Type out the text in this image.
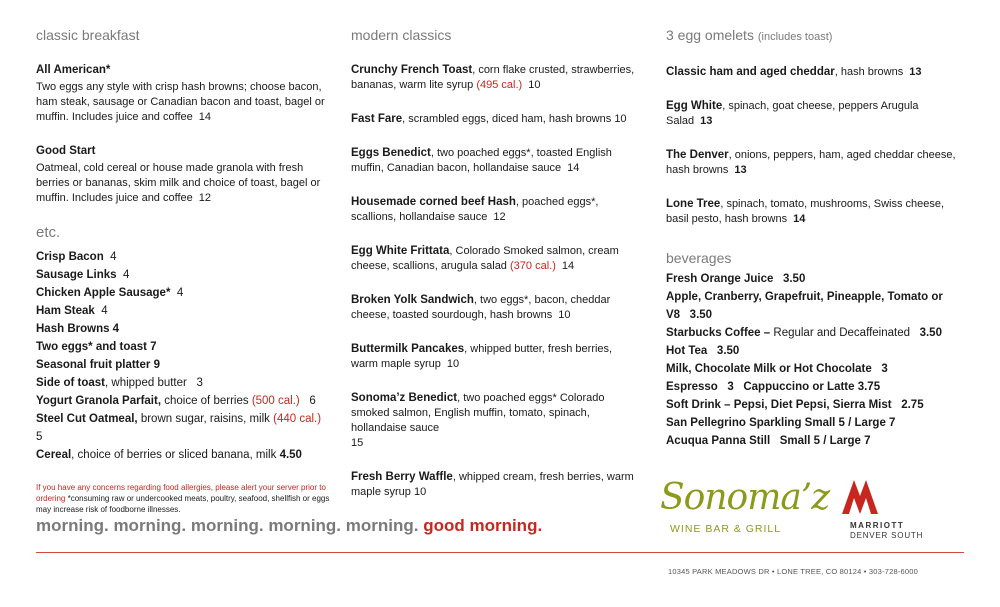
classic breakfast
All American*
Two eggs any style with crisp hash browns; choose bacon, ham steak, sausage or Canadian bacon and toast, bagel or muffin. Includes juice and coffee 14
Good Start
Oatmeal, cold cereal or house made granola with fresh berries or bananas, skim milk and choice of toast, bagel or muffin. Includes juice and coffee 12
etc.
Crisp Bacon 4
Sausage Links 4
Chicken Apple Sausage* 4
Ham Steak 4
Hash Browns 4
Two eggs* and toast 7
Seasonal fruit platter 9
Side of toast, whipped butter 3
Yogurt Granola Parfait, choice of berries (500 cal.) 6
Steel Cut Oatmeal, brown sugar, raisins, milk (440 cal.) 5
Cereal, choice of berries or sliced banana, milk 4.50
If you have any concerns regarding food allergies, please alert your server prior to ordering *consuming raw or undercooked meats, poultry, seafood, shellfish or eggs may increase risk of foodborne illnesses.
modern classics
Crunchy French Toast, corn flake crusted, strawberries, bananas, warm lite syrup (495 cal.) 10
Fast Fare, scrambled eggs, diced ham, hash browns 10
Eggs Benedict, two poached eggs*, toasted English muffin, Canadian bacon, hollandaise sauce 14
Housemade corned beef Hash, poached eggs*, scallions, hollandaise sauce 12
Egg White Frittata, Colorado Smoked salmon, cream cheese, scallions, arugula salad (370 cal.) 14
Broken Yolk Sandwich, two eggs*, bacon, cheddar cheese, toasted sourdough, hash browns 10
Buttermilk Pancakes, whipped butter, fresh berries, warm maple syrup 10
Sonoma’z Benedict, two poached eggs* Colorado smoked salmon, English muffin, tomato, spinach, hollandaise sauce
15
Fresh Berry Waffle, whipped cream, fresh berries, warm maple syrup 10
3 egg omelets (includes toast)
Classic ham and aged cheddar, hash browns 13
Egg White, spinach, goat cheese, peppers Arugula Salad 13
The Denver, onions, peppers, ham, aged cheddar cheese, hash browns 13
Lone Tree, spinach, tomato, mushrooms, Swiss cheese, basil pesto, hash browns 14
beverages
Fresh Orange Juice 3.50
Apple, Cranberry, Grapefruit, Pineapple, Tomato or V8 3.50
Starbucks Coffee – Regular and Decaffeinated 3.50
Hot Tea 3.50
Milk, Chocolate Milk or Hot Chocolate 3
Espresso   3   Cappuccino or Latte 3.75
Soft Drink – Pepsi, Diet Pepsi, Sierra Mist 2.75
San Pellegrino Sparkling Small 5 / Large 7
Acuqua Panna Still   Small 5 / Large 7
Sonoma’z
WINE BAR & GRILL	MARRIOTT
DENVER SOUTH
morning. morning. morning. morning. morning. good morning.
10345 PARK MEADOWS DR • LONE TREE, CO 80124 • 303-728-6000
